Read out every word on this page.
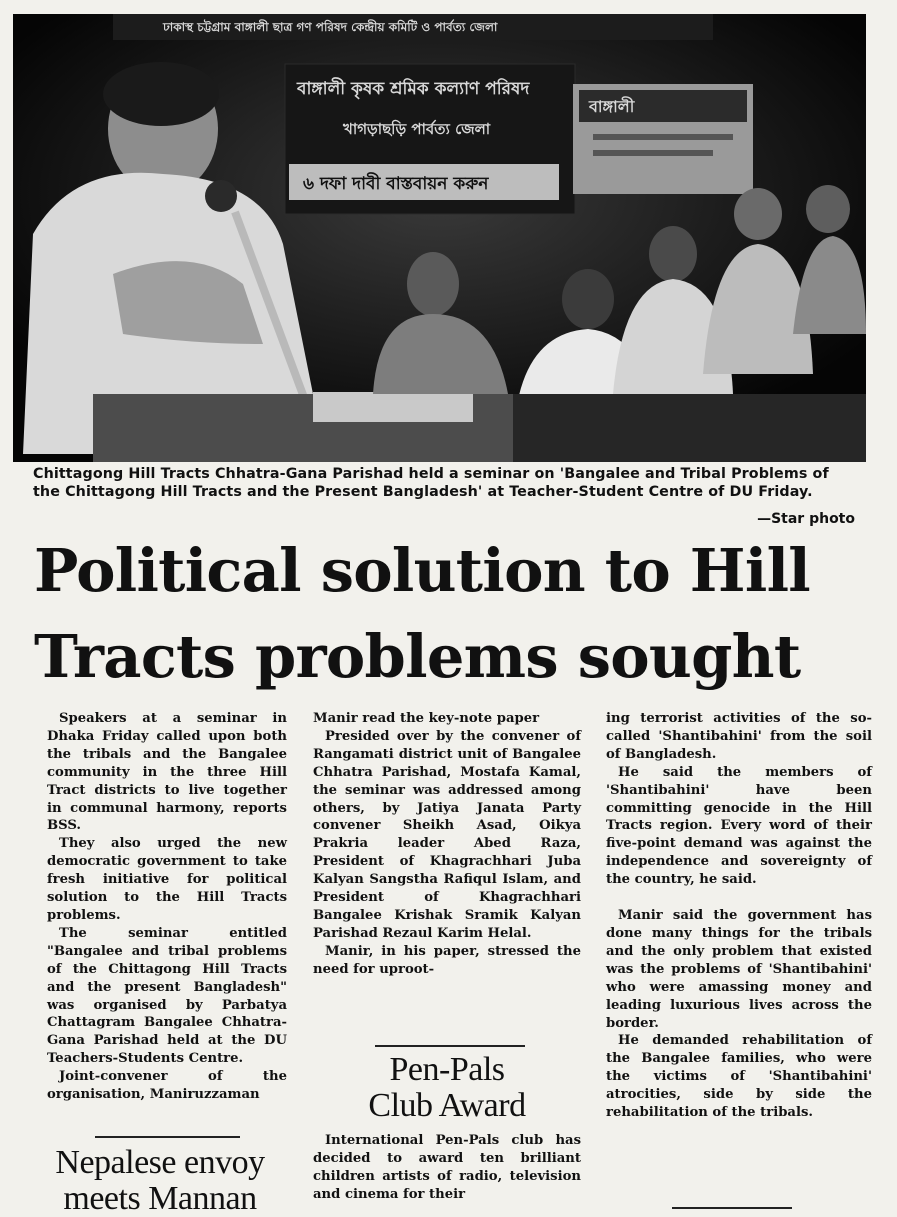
ঢাকাস্থ চট্টগ্রাম বাঙ্গালী ছাত্র গণ পরিষদ কেন্দ্রীয় কমিটি ও পার্বত্য জেলা
বাঙ্গালী কৃষক শ্রমিক কল্যাণ পরিষদ
খাগড়াছড়ি পার্বত্য জেলা
৬ দফা দাবী বাস্তবায়ন করুন
বাঙ্গালী
Chittagong Hill Tracts Chhatra-Gana Parishad held a seminar on 'Bangalee and Tribal Problems of the Chittagong Hill Tracts and the Present Bangladesh' at Teacher-Student Centre of DU Friday.
—Star photo
Political solution to Hill
Tracts problems sought

Speakers at a seminar in Dhaka Friday called upon both the tribals and the Bangalee community in the three Hill Tract districts to live together in communal harmony, reports BSS.

They also urged the new democratic government to take fresh initiative for political solution to the Hill Tracts problems.

The seminar entitled "Bangalee and tribal problems of the Chittagong Hill Tracts and the present Bangladesh" was organised by Parbatya Chattagram Bangalee Chhatra-Gana Parishad held at the DU Teachers-Students Centre.

Joint-convener of the organisation, Maniruzzaman

Manir read the key-note paper

Presided over by the convener of Rangamati district unit of Bangalee Chhatra Parishad, Mostafa Kamal, the seminar was addressed among others, by Jatiya Janata Party convener Sheikh Asad, Oikya Prakria leader Abed Raza, President of Khagrachhari Juba Kalyan Sangstha Rafiqul Islam, and President of Khagrachhari Bangalee Krishak Sramik Kalyan Parishad Rezaul Karim Helal.

Manir, in his paper, stressed the need for uproot-

ing terrorist activities of the so-called 'Shantibahini' from the soil of Bangladesh.

He said the members of 'Shantibahini' have been committing genocide in the Hill Tracts region. Every word of their five-point demand was against the independence and sovereignty of the country, he said.

Manir said the government has done many things for the tribals and the only problem that existed was the problems of 'Shantibahini' who were amassing money and leading luxurious lives across the border.

He demanded rehabilitation of the Bangalee families, who were the victims of 'Shantibahini' atrocities, side by side the rehabilitation of the tribals.

Pen-Pals
Club Award

International Pen-Pals club has decided to award ten brilliant children artists of radio, television and cinema for their

Nepalese envoy
meets Mannan
